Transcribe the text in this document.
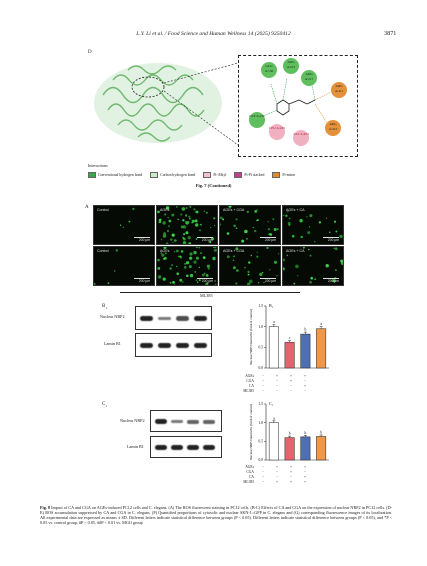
L.Y. Li et al. / Food Science and Human Wellness 14 (2025) 9250412	3871
D
GLU A:156
ARG A:213
ARG A:217
GLY A:211
ARG A:411
ARG A:412
LEU A:243
VAL A:404
Interactions
Conventional hydrogen bond	Carbon hydrogen bond	Pi-Alkyl	Pi-Pi stacked	Pi-anion
Fig. 7 (Continued)
A Control
200 μm
AGEs
200 μm
AGEs + CGA
200 μm
AGEs + CA
200 μm
Control
200 μm
AGEs
200 μm
AGEs + CGA
200 μm
AGEs + CA
200 μm
ML385
$B_1$
Nuclear NRF2
Lamin B1
0.0
0.5
1.0
1.5
Nuclear NRF2/lamin B1 (fold of control)
B₁
a
c
b
a
AGEs	−	+	+	+
CGA	−	−	+	−
CA	−	−	−	+
ML385	−	−	−	−
$C_1$
Nuclear NRF2
Lamin B1
0.0
0.5
1.0
1.5
Nuclear NRF2/lamin B1 (fold of control)
C₁
a
b	b	b
AGEs	−	+	+	+
CGA	−	−	+	−
CA	−	−	−	+
ML385	−	+	+	+
Fig. 8 Impact of CA and CGA on AGEs-induced PC12 cells and C. elegans. (A) The ROS fluorescent staining in PC12 cells. (B-C) Effects of CA and CGA on the expression of nuclear NRF2 in PC12 cells. (D-E) ROS accumulation suppressed by CA and CGA in C. elegans. (F) Quantified proportions of cytosolic and nuclear SKN-1::GFP in C. elegans and (G) corresponding fluorescence images of its localization. All experimental data are expressed as means ± SD. Different letters indicate statistical difference between groups (P < 0.05). Different letters indicate statistical difference between groups (P < 0.05), and *P < 0.05 vs. control group, #P < 0.05, ##P < 0.01 vs. MGO group
